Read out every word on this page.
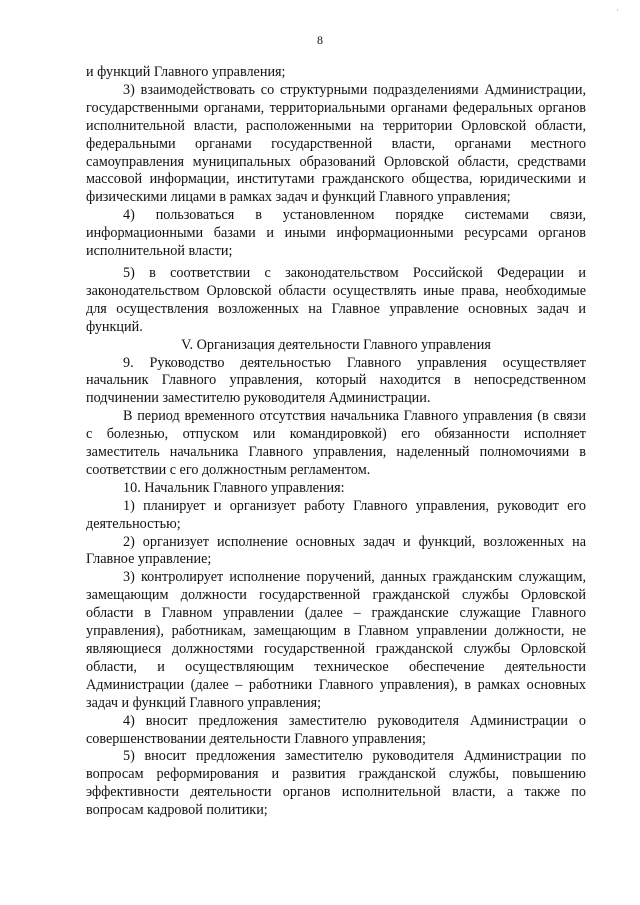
·
8

и функций Главного управления;

3) взаимодействовать со структурными подразделениями Администрации, государственными органами, территориальными органами федеральных органов исполнительной власти, расположенными на территории Орловской области, федеральными органами государственной власти, органами местного самоуправления муниципальных образований Орловской области, средствами массовой информации, институтами гражданского общества, юридическими и физическими лицами в рамках задач и функций Главного управления;

4) пользоваться в установленном порядке системами связи, информационными базами и иными информационными ресурсами органов исполнительной власти;

5) в соответствии с законодательством Российской Федерации и законодательством Орловской области осуществлять иные права, необходимые для осуществления возложенных на Главное управление основных задач и функций.

V. Организация деятельности Главного управления

9. Руководство деятельностью Главного управления осуществляет начальник Главного управления, который находится в непосредственном подчинении заместителю руководителя Администрации.

В период временного отсутствия начальника Главного управления (в связи с болезнью, отпуском или командировкой) его обязанности исполняет заместитель начальника Главного управления, наделенный полномочиями в соответствии с его должностным регламентом.

10. Начальник Главного управления:

1) планирует и организует работу Главного управления, руководит его деятельностью;

2) организует исполнение основных задач и функций, возложенных на Главное управление;

3) контролирует исполнение поручений, данных гражданским служащим, замещающим должности государственной гражданской службы Орловской области в Главном управлении (далее – гражданские служащие Главного управления), работникам, замещающим в Главном управлении должности, не являющиеся должностями государственной гражданской службы Орловской области, и осуществляющим техническое обеспечение деятельности Администрации (далее – работники Главного управления), в рамках основных задач и функций Главного управления;

4) вносит предложения заместителю руководителя Администрации о совершенствовании деятельности Главного управления;

5) вносит предложения заместителю руководителя Администрации по вопросам реформирования и развития гражданской службы, повышению эффективности деятельности органов исполнительной власти, а также по вопросам кадровой политики;
